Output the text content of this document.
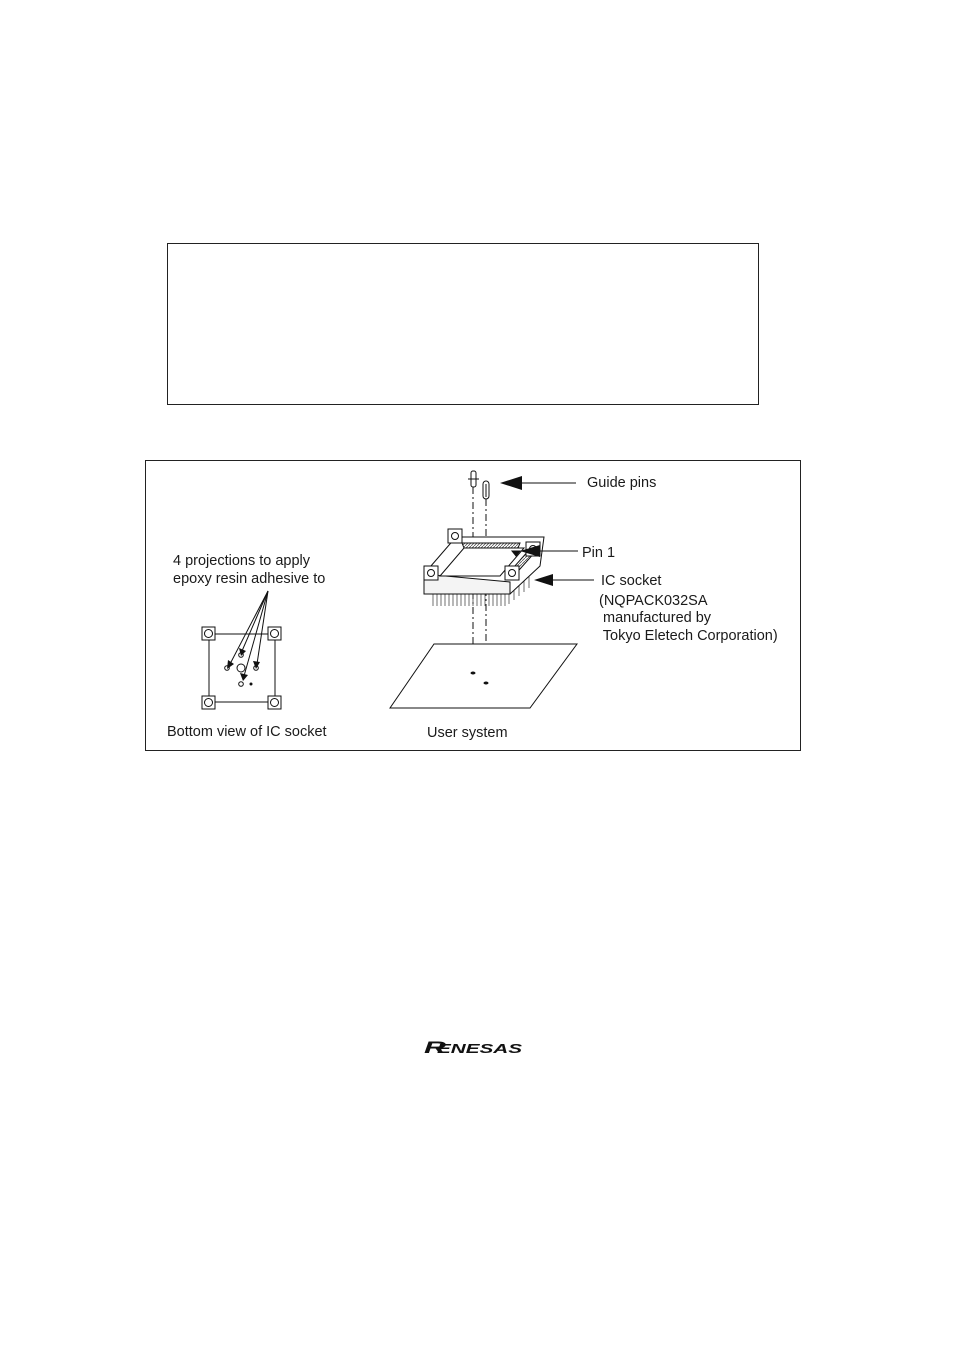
Guide pins
Pin 1
IC socket
(NQPACK032SA
manufactured by
Tokyo Eletech Corporation)
4 projections to apply
epoxy resin adhesive to
Bottom view of IC socket	User system
R
ENESAS
